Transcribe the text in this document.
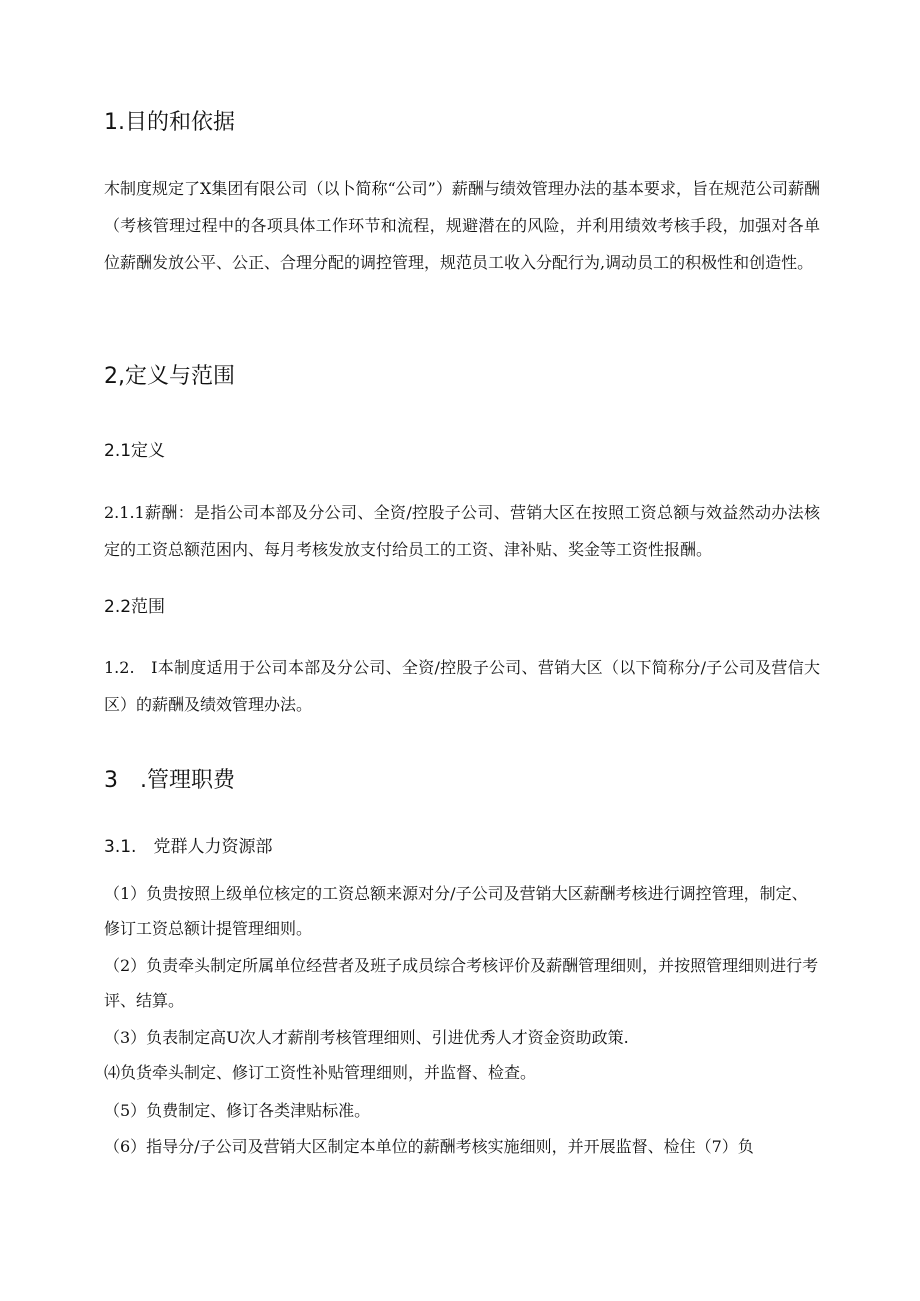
1.目的和依据

木制度规定了X集团有限公司（以卜简称“公司”）薪酬与绩效管理办法的基本要求，旨在规范公司薪酬（考核管理过程中的各项具体工作环节和流程，规避潜在的风险，并利用绩效考核手段，加强对各单位薪酬发放公平、公正、合理分配的调控管理，规范员工收入分配行为,调动员工的积极性和创造性。

2,定义与范围
2.1定义

2.1.1薪酬：是指公司本部及分公司、全资/控股子公司、营销大区在按照工资总额与效益然动办法核定的工资总额范困内、每月考核发放支付给员工的工资、津补贴、奖金等工资性报酬。

2.2范围

1.2.　I本制度适用于公司本部及分公司、全资/控股子公司、营销大区（以下简称分/子公司及营信大区）的薪酬及绩效管理办法。

3　.管理职费
3.1.　党群人力资源部

（1）负贵按照上级单位核定的工资总额来源对分/子公司及营销大区薪酬考核进行调控管理，制定、修订工资总额计提管理细则。

（2）负责牵头制定所属单位经营者及班子成员综合考核评价及薪酬管理细则，并按照管理细则进行考评、结算。

（3）负表制定高U次人才薪削考核管理细则、引进优秀人才资金资助政策.

⑷负货牵头制定、修订工资性补贴管理细则，并监督、检查。

（5）负费制定、修订各类津贴标准。

（6）指导分/子公司及营销大区制定本单位的薪酬考核实施细则，并开展监督、检住（7）负
